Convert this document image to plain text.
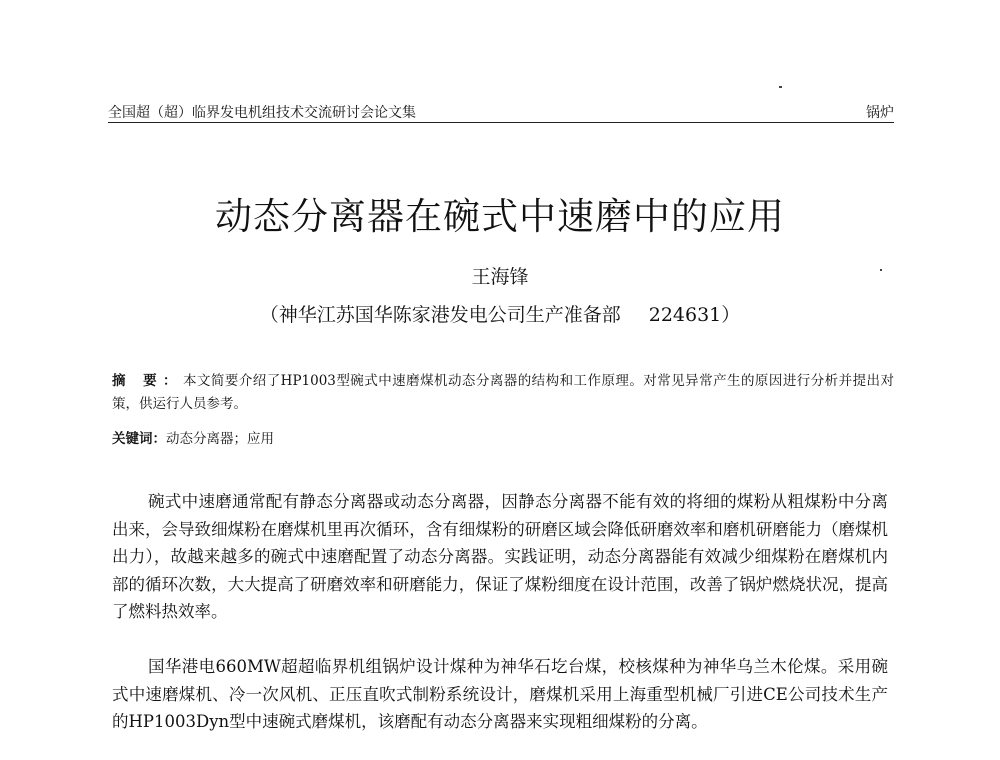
全国超（超）临界发电机组技术交流研讨会论文集	锅炉
动态分离器在碗式中速磨中的应用
王海锋
（神华江苏国华陈家港发电公司生产准备部 224631）
摘 要：本文简要介绍了HP1003型碗式中速磨煤机动态分离器的结构和工作原理。对常见异常产生的原因进行分析并提出对策，供运行人员参考。
关键词：动态分离器；应用

碗式中速磨通常配有静态分离器或动态分离器，因静态分离器不能有效的将细的煤粉从粗煤粉中分离出来，会导致细煤粉在磨煤机里再次循环，含有细煤粉的研磨区域会降低研磨效率和磨机研磨能力（磨煤机出力），故越来越多的碗式中速磨配置了动态分离器。实践证明，动态分离器能有效减少细煤粉在磨煤机内部的循环次数，大大提高了研磨效率和研磨能力，保证了煤粉细度在设计范围，改善了锅炉燃烧状况，提高了燃料热效率。

国华港电660MW超超临界机组锅炉设计煤种为神华石圪台煤，校核煤种为神华乌兰木伦煤。采用碗式中速磨煤机、冷一次风机、正压直吹式制粉系统设计，磨煤机采用上海重型机械厂引进CE公司技术生产的HP1003Dyn型中速碗式磨煤机，该磨配有动态分离器来实现粗细煤粉的分离。
